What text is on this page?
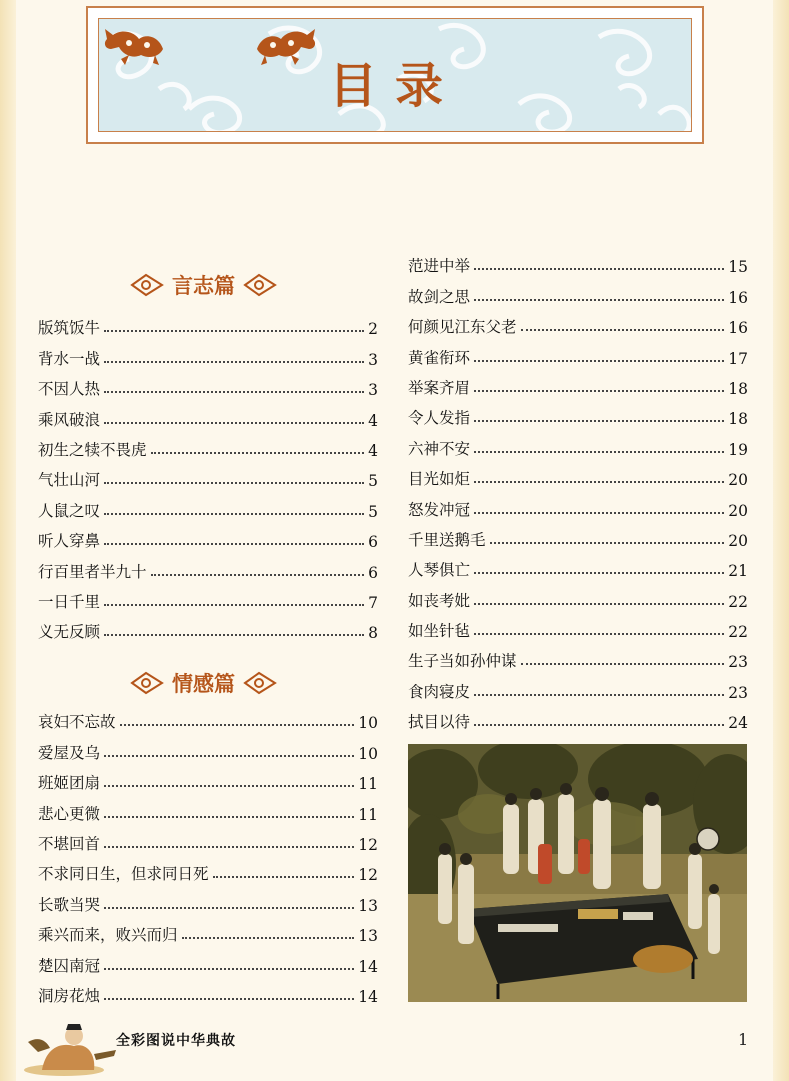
目录
言志篇
版筑饭牛	2
背水一战	3
不因人热	3
乘风破浪	4
初生之犊不畏虎	4
气壮山河	5
人鼠之叹	5
听人穿鼻	6
行百里者半九十	6
一日千里	7
义无反顾	8
情感篇
哀妇不忘故	10
爱屋及乌	10
班姬团扇	11
悲心更微	11
不堪回首	12
不求同日生，但求同日死	12
长歌当哭	13
乘兴而来，败兴而归	13
楚囚南冠	14
洞房花烛	14
范进中举	15
故剑之思	16
何颜见江东父老	16
黄雀衔环	17
举案齐眉	18
令人发指	18
六神不安	19
目光如炬	20
怒发冲冠	20
千里送鹅毛	20
人琴俱亡	21
如丧考妣	22
如坐针毡	22
生子当如孙仲谋	23
食肉寝皮	23
拭目以待	24
全彩图说中华典故	1
